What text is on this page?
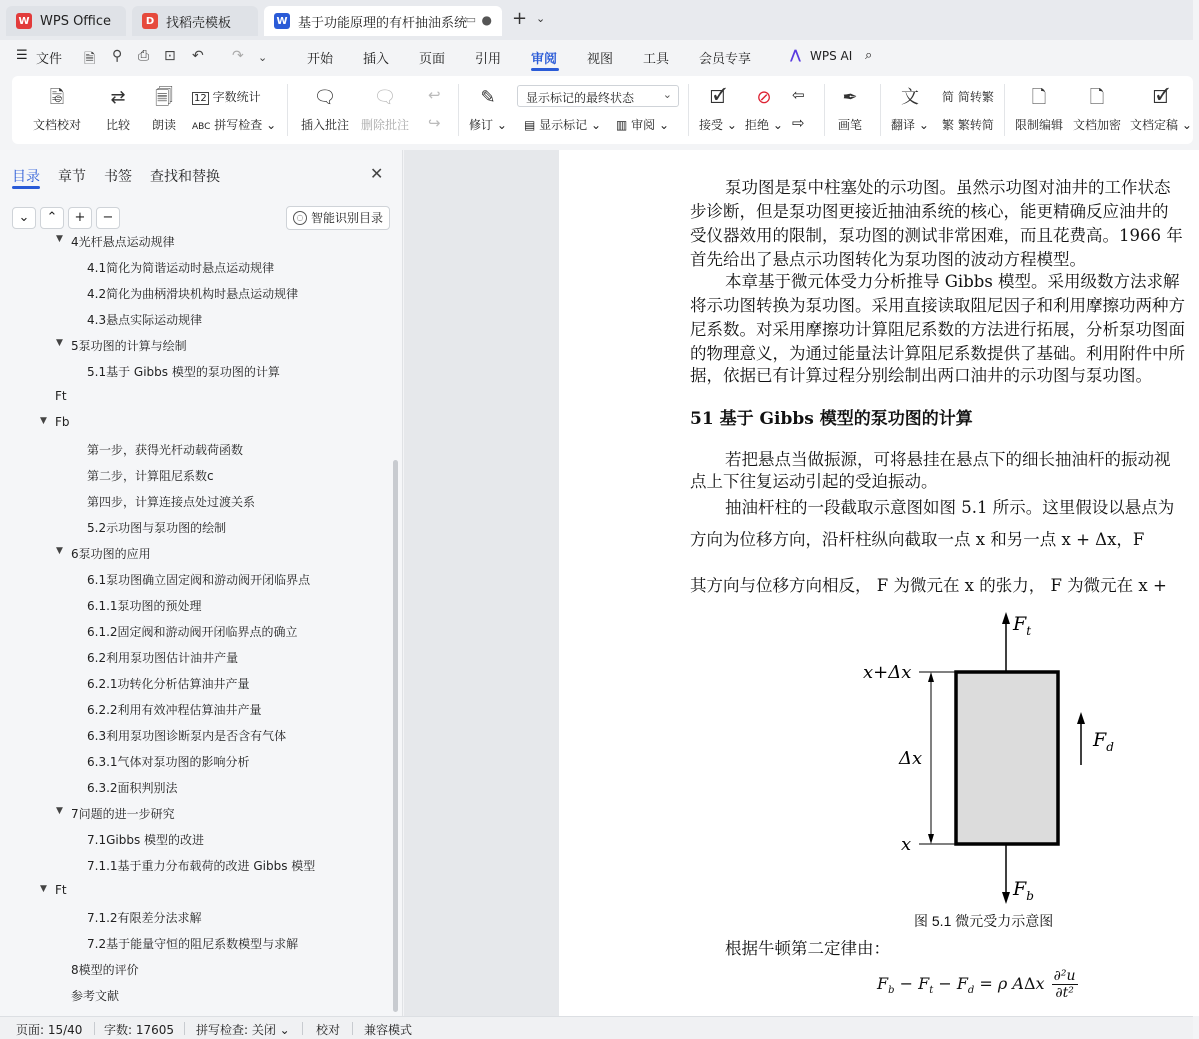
W WPS Office	D 找稻壳模板	W 基于功能原理的有杆抽油系统
▭ ● + ⌄
☰ 文件 🗎 ⚲ ⎙ ⊡ ↶ ↷ ⌄	开始 插入 页面 引用 审阅 视图 工具 会员专享	⋀ WPS AI ⌕
🗟
文档校对
⇄
比较
🗐
朗读
12 字数统计
ABC 拼写检查 ⌄
🗨
插入批注
🗨
删除批注
↩
↪
✎
修订 ⌄
显示标记的最终状态	⌄
▤ 显示标记 ⌄ ▥ 审阅 ⌄
🗹
接受 ⌄
⊘
拒绝 ⌄
⇦
⇨
✒
画笔
文
翻译 ⌄
简 简转繁
繁 繁转简
🗋
限制编辑
🗋
文档加密
🗹
文档定稿 ⌄
目录 章节 书签 查找和替换	✕
⌄	⌃	+	−	◌ 智能识别目录
▼ 4光杆悬点运动规律
4.1简化为简谐运动时悬点运动规律
4.2简化为曲柄滑块机构时悬点运动规律
4.3悬点实际运动规律
▼ 5泵功图的计算与绘制
5.1基于 Gibbs 模型的泵功图的计算
Ft
▼ Fb
第一步，获得光杆动载荷函数
第二步，计算阻尼系数c
第四步，计算连接点处过渡关系
5.2示功图与泵功图的绘制
▼ 6泵功图的应用
6.1泵功图确立固定阀和游动阀开闭临界点
6.1.1泵功图的预处理
6.1.2固定阀和游动阀开闭临界点的确立
6.2利用泵功图估计油井产量
6.2.1功转化分析估算油井产量
6.2.2利用有效冲程估算油井产量
6.3利用泵功图诊断泵内是否含有气体
6.3.1气体对泵功图的影响分析
6.3.2面积判别法
▼ 7问题的进一步研究
7.1Gibbs 模型的改进
7.1.1基于重力分布载荷的改进 Gibbs 模型
▼ Ft
7.1.2有限差分法求解
7.2基于能量守恒的阻尼系数模型与求解
8模型的评价
参考文献
泵功图是泵中柱塞处的示功图。虽然示功图对油井的工作状态
步诊断，但是泵功图更接近抽油系统的核心，能更精确反应油井的
受仪器效用的限制，泵功图的测试非常困难，而且花费高。1966 年
首先给出了悬点示功图转化为泵功图的波动方程模型。
本章基于微元体受力分析推导 Gibbs 模型。采用级数方法求解
将示功图转换为泵功图。采用直接读取阻尼因子和利用摩擦功两种方
尼系数。对采用摩擦功计算阻尼系数的方法进行拓展，分析泵功图面
的物理意义，为通过能量法计算阻尼系数提供了基础。利用附件中所
据，依据已有计算过程分别绘制出两口油井的示功图与泵功图。
51 基于 Gibbs 模型的泵功图的计算
若把悬点当做振源，可将悬挂在悬点下的细长抽油杆的振动视
点上下往复运动引起的受迫振动。
抽油杆柱的一段截取示意图如图 5.1 所示。这里假设以悬点为
方向为位移方向，沿杆柱纵向截取一点 x 和另一点 x + Δx，F
其方向与位移方向相反， F 为微元在 x 的张力， F 为微元在 x +
x+Δx
Δx
x
$F_t$
$F_d$
$F_b$
图 5.1 微元受力示意图
根据牛顿第二定律由：
$F_b - F_t - F_d = \rho$ AΔx $\frac{\text{∂²u}}{\text{∂t²}}$
页面: 15/40 字数: 17605 拼写检查: 关闭 ⌄ 校对 兼容模式
